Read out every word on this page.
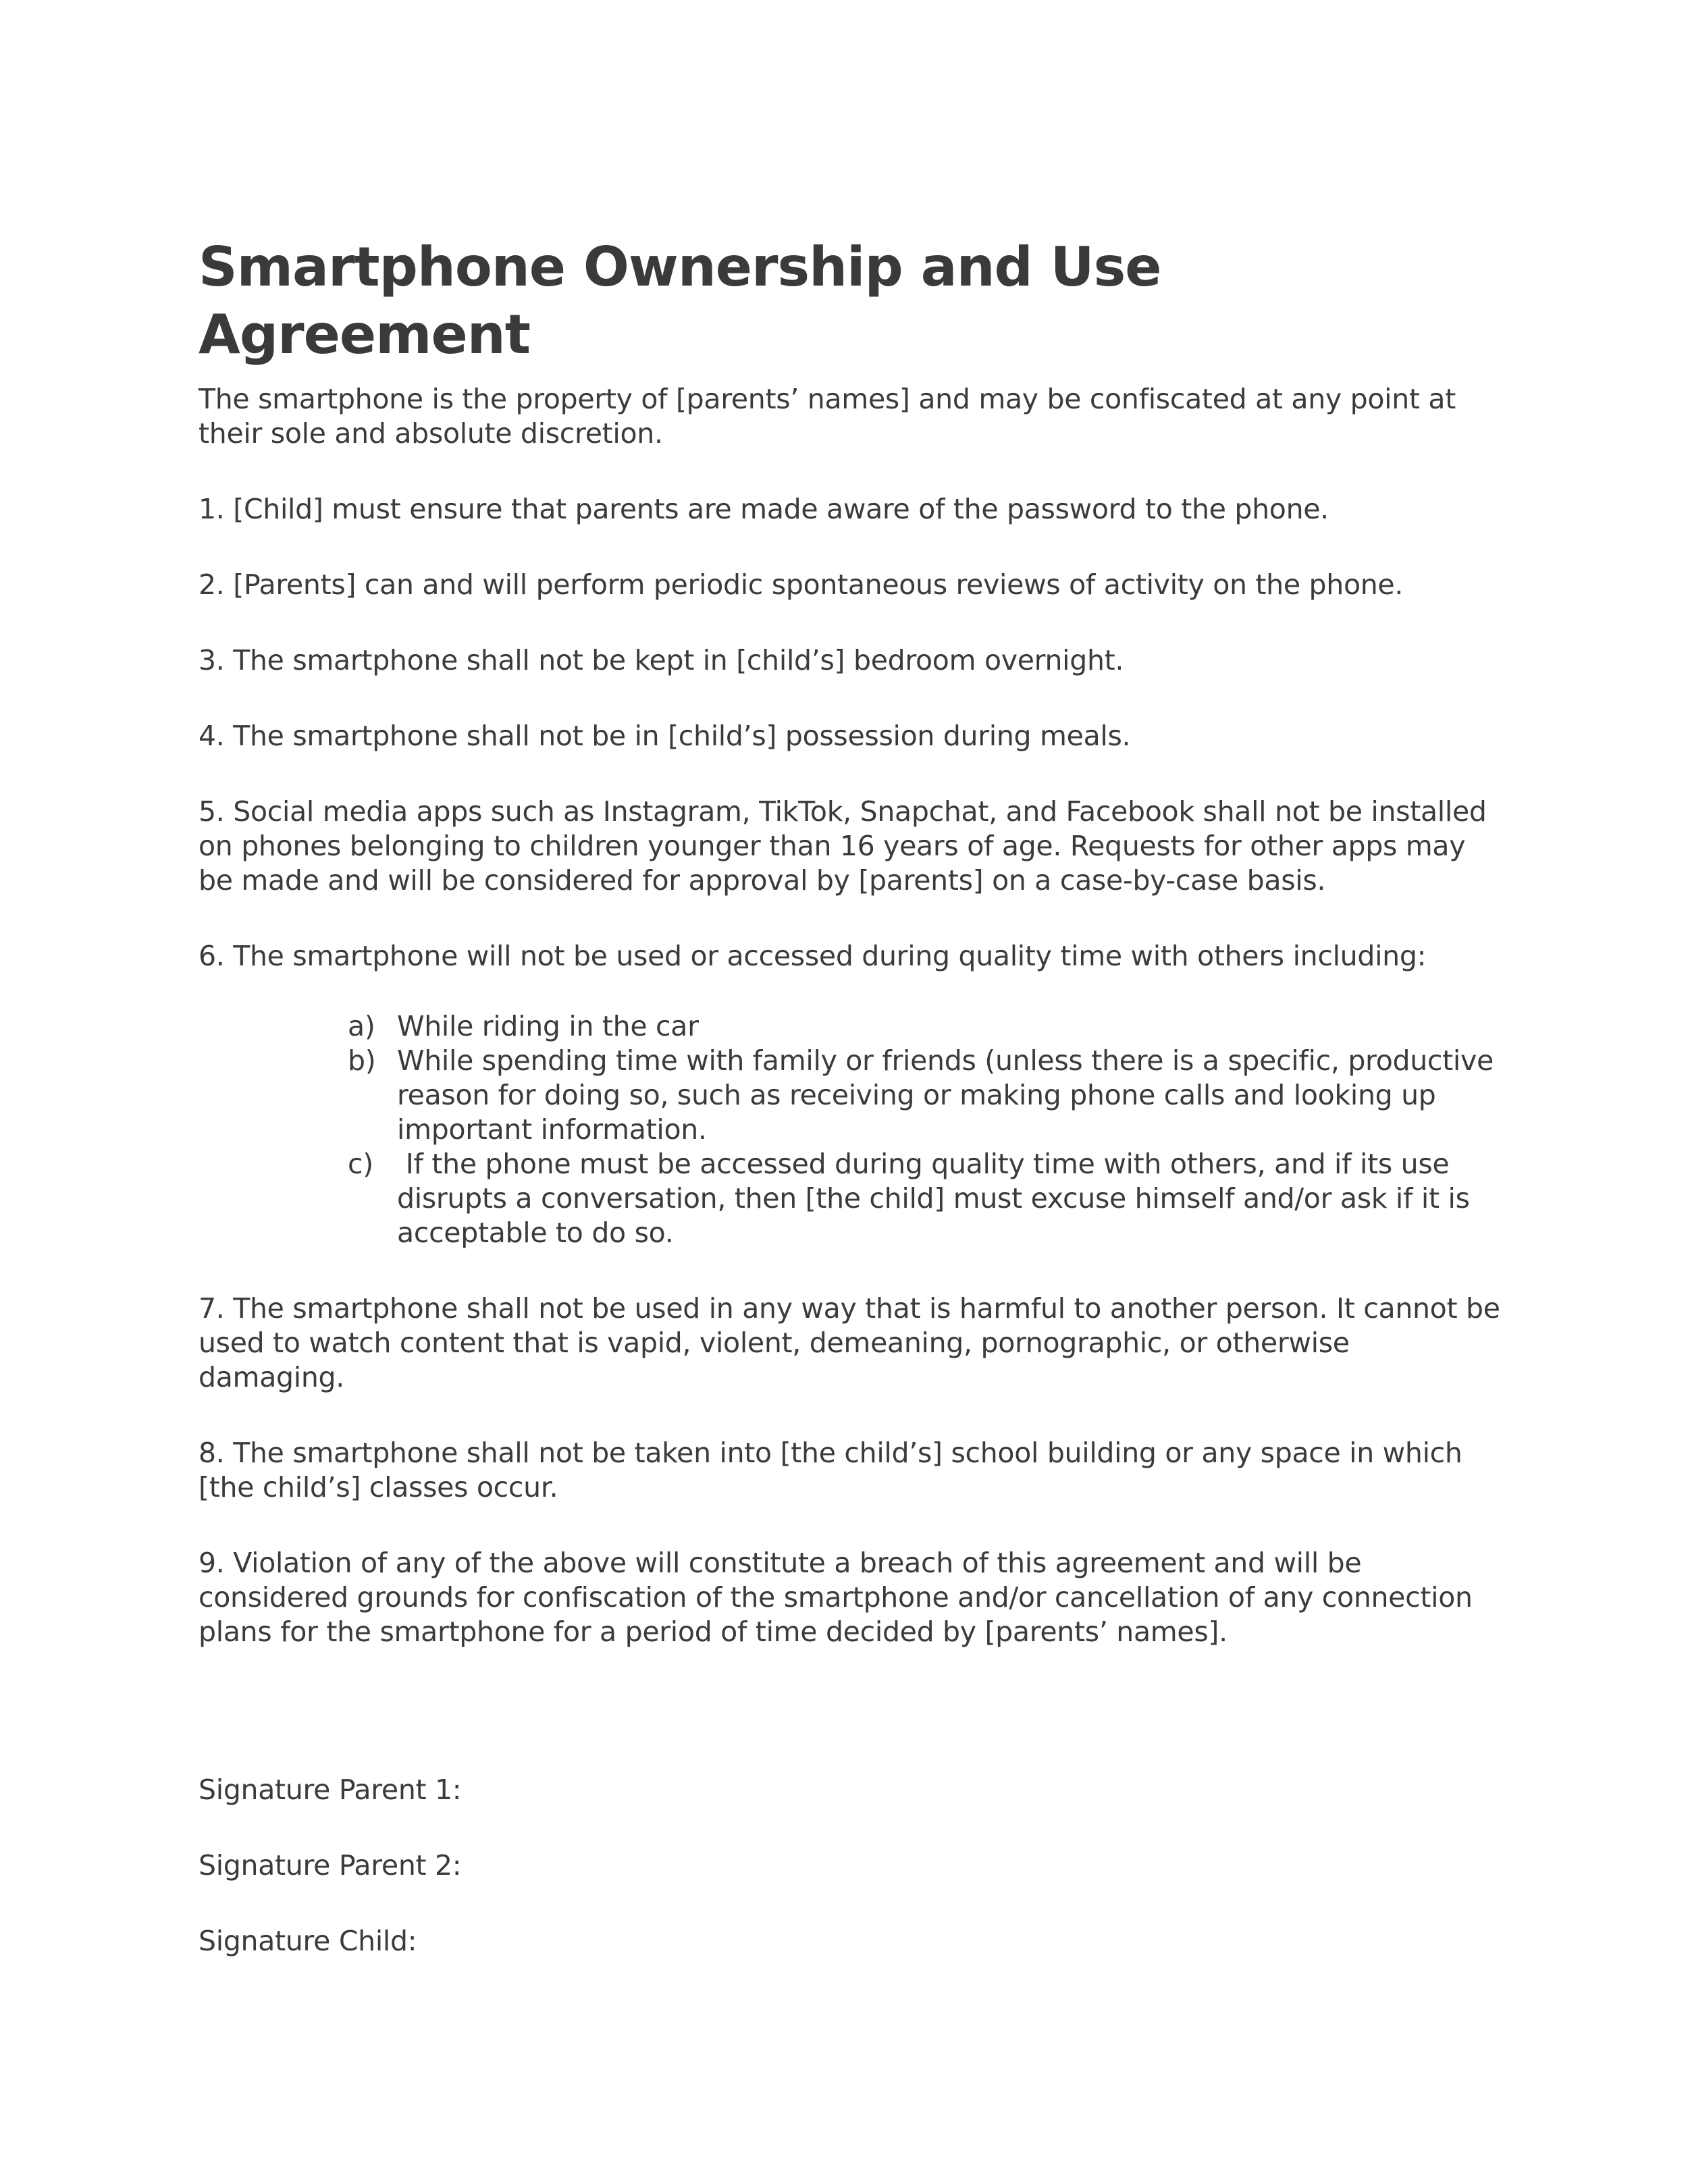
Smartphone Ownership and Use Agreement

The smartphone is the property of [parents’ names] and may be confiscated at any point at their sole and absolute discretion.

1. [Child] must ensure that parents are made aware of the password to the phone.

2. [Parents] can and will perform periodic spontaneous reviews of activity on the phone.

3. The smartphone shall not be kept in [child’s] bedroom overnight.

4. The smartphone shall not be in [child’s] possession during meals.

5. Social media apps such as Instagram, TikTok, Snapchat, and Facebook shall not be installed on phones belonging to children younger than 16 years of age. Requests for other apps may be made and will be considered for approval by [parents] on a case-by-case basis.

6. The smartphone will not be used or accessed during quality time with others including:

a) While riding in the car
b) While spending time with family or friends (unless there is a specific, productive reason for doing so, such as receiving or making phone calls and looking up important information.
c) If the phone must be accessed during quality time with others, and if its use disrupts a conversation, then [the child] must excuse himself and/or ask if it is acceptable to do so.

7. The smartphone shall not be used in any way that is harmful to another person. It cannot be used to watch content that is vapid, violent, demeaning, pornographic, or otherwise damaging.

8. The smartphone shall not be taken into [the child’s] school building or any space in which [the child’s] classes occur.

9. Violation of any of the above will constitute a breach of this agreement and will be considered grounds for confiscation of the smartphone and/or cancellation of any connection plans for the smartphone for a period of time decided by [parents’ names].

Signature Parent 1:

Signature Parent 2:

Signature Child:
